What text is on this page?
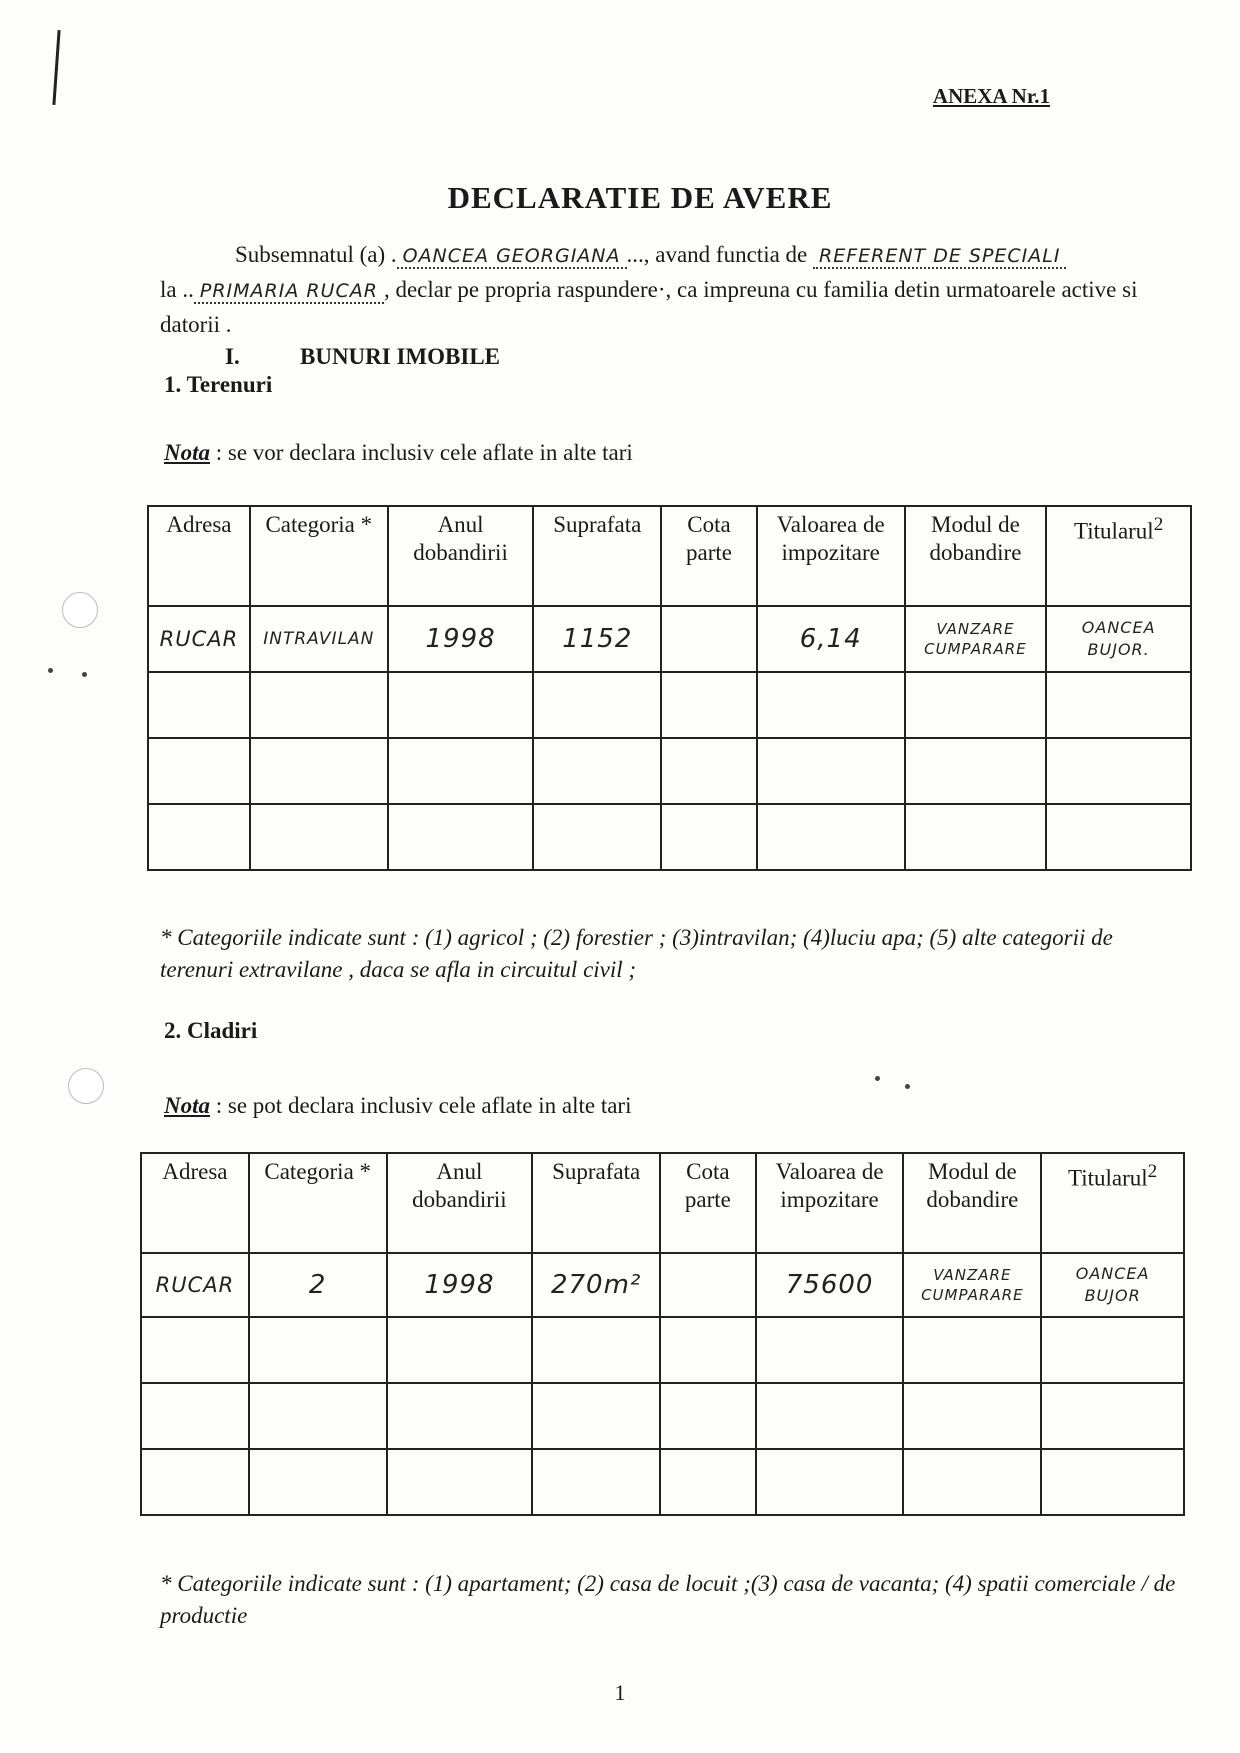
ANEXA Nr.1
DECLARATIE DE AVERE
Subsemnatul (a) . OANCEA GEORGIANA ..., avand functia de REFERENT DE SPECIALI
la .. PRIMARIA RUCAR , declar pe propria raspundere·, ca impreuna cu familia detin urmatoarele active si datorii .
I.	BUNURI IMOBILE
1. Terenuri
Nota : se vor declara inclusiv cele aflate in alte tari
Adresa	Categoria *	Anul dobandirii	Suprafata	Cota parte	Valoarea de impozitare	Modul de dobandire	Titularul$^2$
RUCAR	INTRAVILAN	1998	1152		6,14	VANZARE CUMPARARE	OANCEA BUJOR.

* Categoriile indicate sunt : (1) agricol ; (2) forestier ; (3)intravilan; (4)luciu apa; (5) alte categorii de terenuri extravilane , daca se afla in circuitul civil ;
2. Cladiri
Nota : se pot declara inclusiv cele aflate in alte tari
Adresa	Categoria *	Anul dobandirii	Suprafata	Cota parte	Valoarea de impozitare	Modul de dobandire	Titularul$^2$
RUCAR	2	1998	270m²		75600	VANZARE CUMPARARE	OANCEA BUJOR

* Categoriile indicate sunt : (1) apartament; (2) casa de locuit ;(3) casa de vacanta; (4) spatii comerciale / de productie
1
